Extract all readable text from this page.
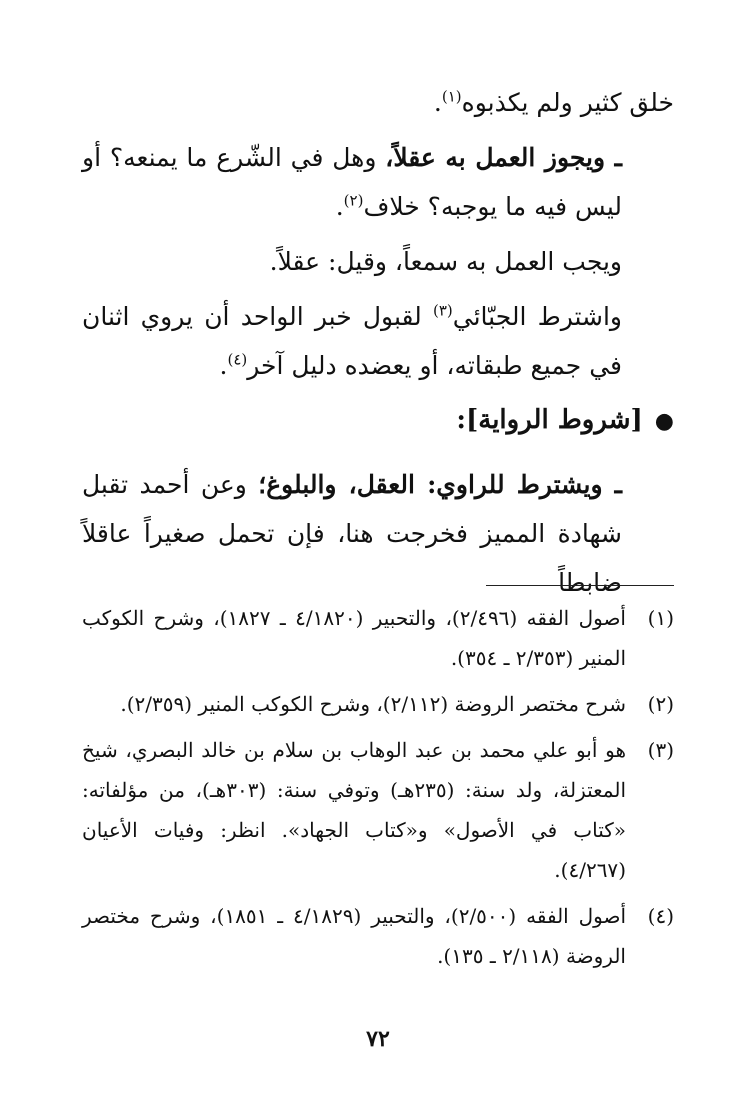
خلق كثير ولم يكذبوه$^{(١)}$.

ـ ويجوز العمل به عقلاً، وهل في الشّرع ما يمنعه؟ أو ليس فيه ما يوجبه؟ خلاف$^{(٢)}$.

ويجب العمل به سمعاً، وقيل: عقلاً.

واشترط الجبّائي$^{(٣)}$ لقبول خبر الواحد أن يروي اثنان في جميع طبقاته، أو يعضده دليل آخر$^{(٤)}$.

●[شروط الرواية]:

ـ ويشترط للراوي: العقل، والبلوغ؛ وعن أحمد تقبل شهادة المميز فخرجت هنا، فإن تحمل صغيراً عاقلاً ضابطاً

(١)
أصول الفقه (٢/٤٩٦)، والتحبير (٤/١٨٢٠ ـ ١٨٢٧)، وشرح الكوكب المنير (٢/٣٥٣ ـ ٣٥٤).
(٢)
شرح مختصر الروضة (٢/١١٢)، وشرح الكوكب المنير (٢/٣٥٩).
(٣)
هو أبو علي محمد بن عبد الوهاب بن سلام بن خالد البصري، شيخ المعتزلة، ولد سنة: (٢٣٥هـ) وتوفي سنة: (٣٠٣هـ)، من مؤلفاته: «كتاب في الأصول» و«كتاب الجهاد». انظر: وفيات الأعيان (٤/٢٦٧).
(٤)
أصول الفقه (٢/٥٠٠)، والتحبير (٤/١٨٢٩ ـ ١٨٥١)، وشرح مختصر الروضة (٢/١١٨ ـ ١٣٥).
٧٢
